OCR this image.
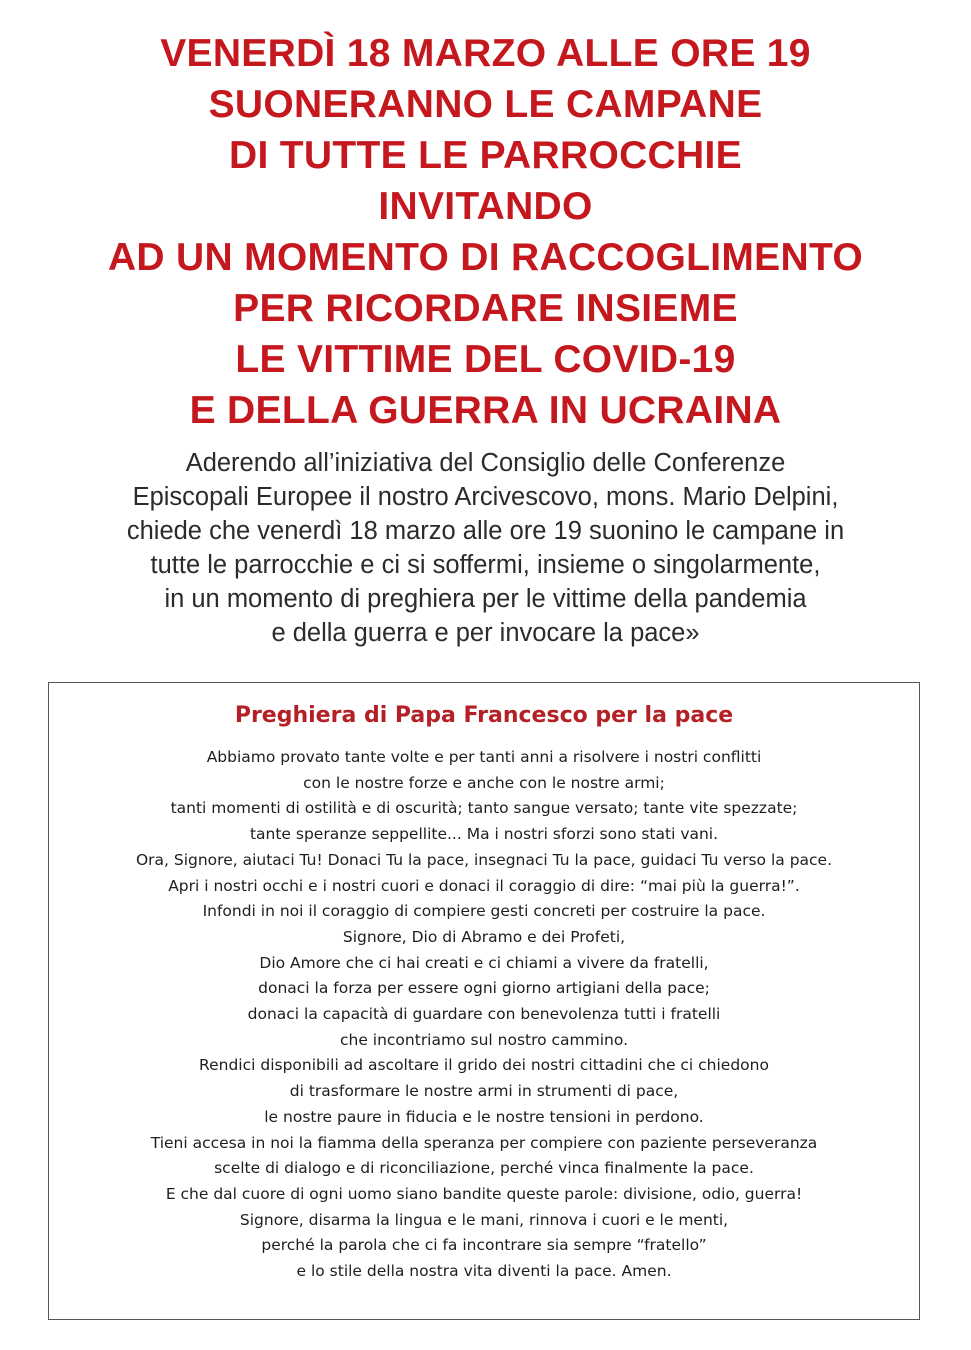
VENERDÌ 18 MARZO ALLE ORE 19
SUONERANNO LE CAMPANE
DI TUTTE LE PARROCCHIE
INVITANDO
AD UN MOMENTO DI RACCOGLIMENTO
PER RICORDARE INSIEME
LE VITTIME DEL COVID-19
E DELLA GUERRA IN UCRAINA
Aderendo all’iniziativa del Consiglio delle Conferenze
Episcopali Europee il nostro Arcivescovo, mons. Mario Delpini,
chiede che venerdì 18 marzo alle ore 19 suonino le campane in
tutte le parrocchie e ci si soffermi, insieme o singolarmente,
in un momento di preghiera per le vittime della pandemia
e della guerra e per invocare la pace»
Preghiera di Papa Francesco per la pace
Abbiamo provato tante volte e per tanti anni a risolvere i nostri conflitti
con le nostre forze e anche con le nostre armi;
tanti momenti di ostilità e di oscurità; tanto sangue versato; tante vite spezzate;
tante speranze seppellite... Ma i nostri sforzi sono stati vani.
Ora, Signore, aiutaci Tu! Donaci Tu la pace, insegnaci Tu la pace, guidaci Tu verso la pace.
Apri i nostri occhi e i nostri cuori e donaci il coraggio di dire: “mai più la guerra!”.
Infondi in noi il coraggio di compiere gesti concreti per costruire la pace.
Signore, Dio di Abramo e dei Profeti,
Dio Amore che ci hai creati e ci chiami a vivere da fratelli,
donaci la forza per essere ogni giorno artigiani della pace;
donaci la capacità di guardare con benevolenza tutti i fratelli
che incontriamo sul nostro cammino.
Rendici disponibili ad ascoltare il grido dei nostri cittadini che ci chiedono
di trasformare le nostre armi in strumenti di pace,
le nostre paure in fiducia e le nostre tensioni in perdono.
Tieni accesa in noi la fiamma della speranza per compiere con paziente perseveranza
scelte di dialogo e di riconciliazione, perché vinca finalmente la pace.
E che dal cuore di ogni uomo siano bandite queste parole: divisione, odio, guerra!
Signore, disarma la lingua e le mani, rinnova i cuori e le menti,
perché la parola che ci fa incontrare sia sempre “fratello”
e lo stile della nostra vita diventi la pace. Amen.
